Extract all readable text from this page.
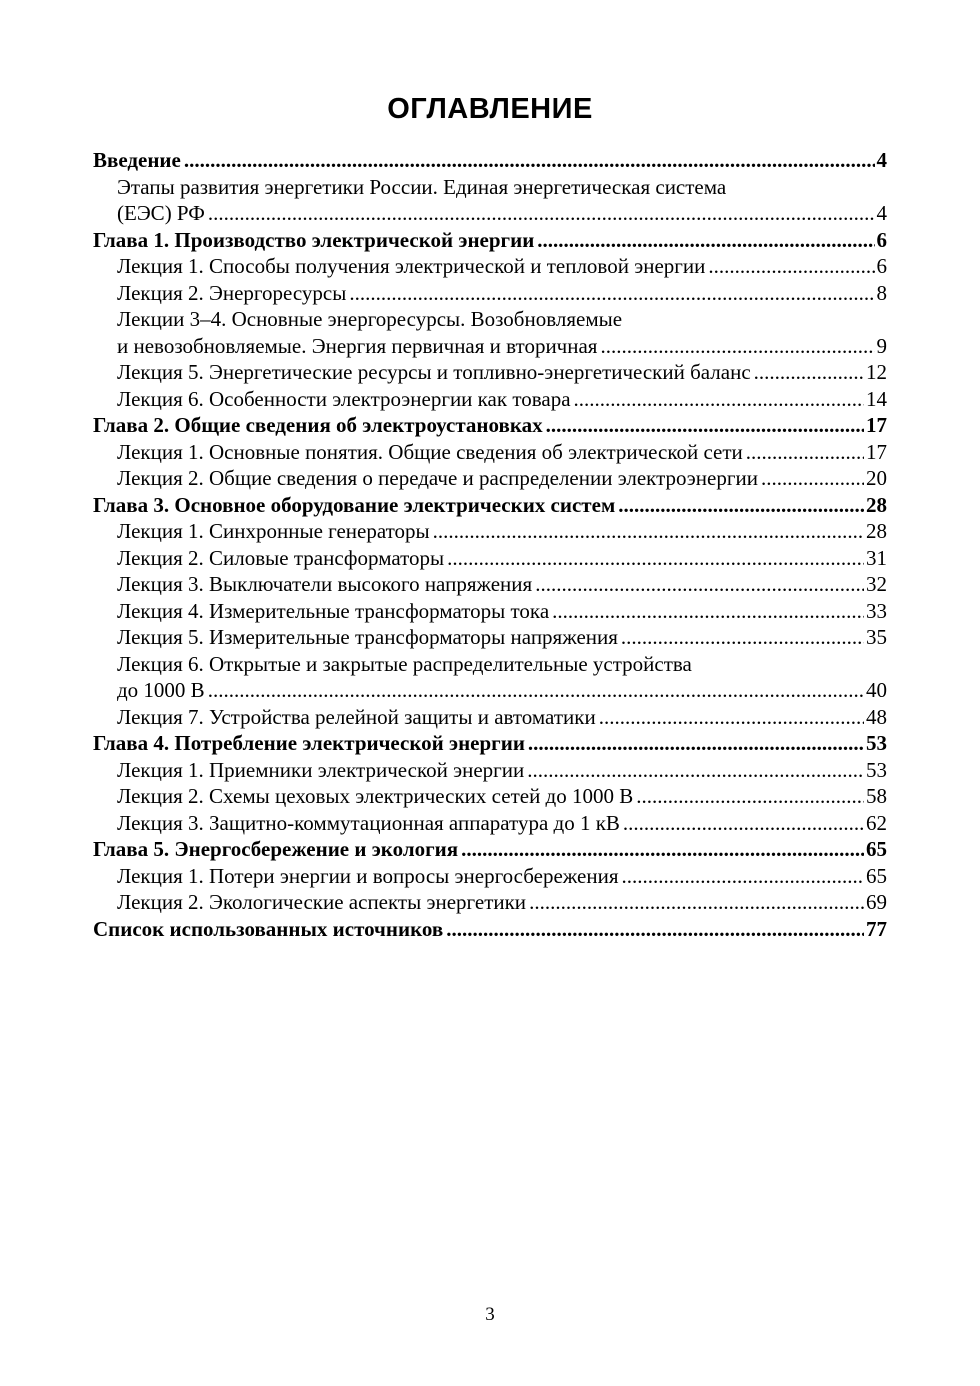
ОГЛАВЛЕНИЕ
Введение .....	4
Этапы развития энергетики России. Единая энергетическая система
(ЕЭС) РФ .....	4
Глава 1. Производство электрической энергии .....	6
Лекция 1. Способы получения электрической и тепловой энергии .....	6
Лекция 2. Энергоресурсы .....	8
Лекции 3–4. Основные энергоресурсы. Возобновляемые
и невозобновляемые. Энергия первичная и вторичная .....	9
Лекция 5. Энергетические ресурсы и топливно-энергетический баланс .....	12
Лекция 6. Особенности электроэнергии как товара .....	14
Глава 2. Общие сведения об электроустановках .....	17
Лекция 1. Основные понятия. Общие сведения об электрической сети .....	17
Лекция 2. Общие сведения о передаче и распределении электроэнергии .....	20
Глава 3. Основное оборудование электрических систем .....	28
Лекция 1. Синхронные генераторы .....	28
Лекция 2. Силовые трансформаторы .....	31
Лекция 3. Выключатели высокого напряжения .....	32
Лекция 4. Измерительные трансформаторы тока .....	33
Лекция 5. Измерительные трансформаторы напряжения .....	35
Лекция 6. Открытые и закрытые распределительные устройства
до 1000 В .....	40
Лекция 7. Устройства релейной защиты и автоматики .....	48
Глава 4. Потребление электрической энергии .....	53
Лекция 1. Приемники электрической энергии .....	53
Лекция 2. Схемы цеховых электрических сетей до 1000 В .....	58
Лекция 3. Защитно-коммутационная аппаратура до 1 кВ .....	62
Глава 5. Энергосбережение и экология .....	65
Лекция 1. Потери энергии и вопросы энергосбережения .....	65
Лекция 2. Экологические аспекты энергетики .....	69
Список использованных источников .....	77
3
